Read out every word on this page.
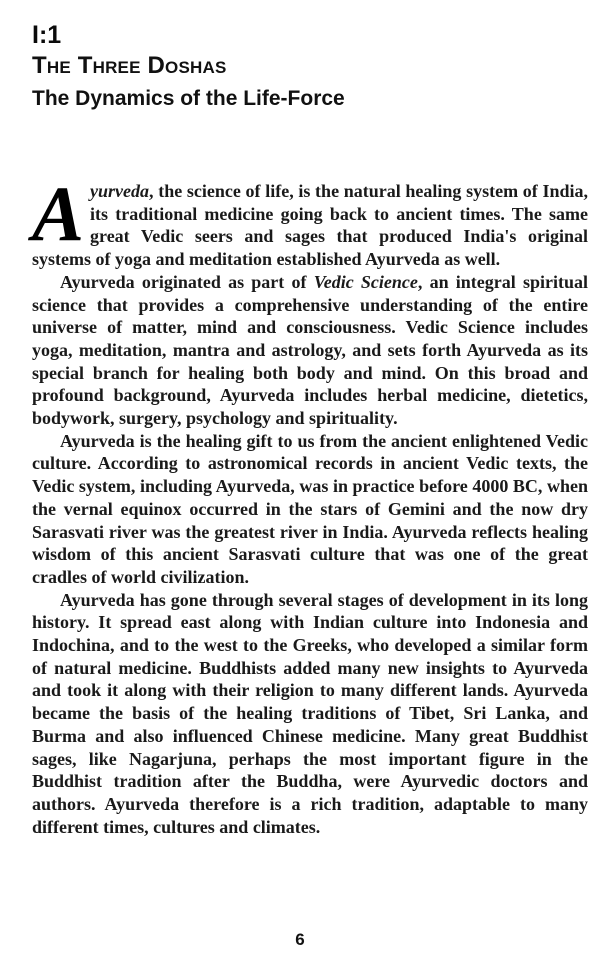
I:1
The Three Doshas
The Dynamics of the Life-Force

Ayurveda, the science of life, is the natural healing system of India, its traditional medicine going back to ancient times. The same great Vedic seers and sages that produced India's original systems of yoga and meditation established Ayurveda as well.

Ayurveda originated as part of Vedic Science, an integral spiritual science that provides a comprehensive understanding of the entire universe of matter, mind and consciousness. Vedic Science includes yoga, meditation, mantra and astrology, and sets forth Ayurveda as its special branch for healing both body and mind. On this broad and profound background, Ayurveda includes herbal medicine, dietetics, bodywork, surgery, psychology and spirituality.

Ayurveda is the healing gift to us from the ancient enlightened Vedic culture. According to astronomical records in ancient Vedic texts, the Vedic system, including Ayurveda, was in practice before 4000 BC, when the vernal equinox occurred in the stars of Gemini and the now dry Sarasvati river was the greatest river in India. Ayurveda reflects healing wisdom of this ancient Sarasvati culture that was one of the great cradles of world civilization.

Ayurveda has gone through several stages of development in its long history. It spread east along with Indian culture into Indonesia and Indochina, and to the west to the Greeks, who developed a similar form of natural medicine. Buddhists added many new insights to Ayurveda and took it along with their religion to many different lands. Ayurveda became the basis of the healing traditions of Tibet, Sri Lanka, and Burma and also influenced Chinese medicine. Many great Buddhist sages, like Nagarjuna, perhaps the most important figure in the Buddhist tradition after the Buddha, were Ayurvedic doctors and authors. Ayurveda therefore is a rich tradition, adaptable to many different times, cultures and climates.

6
